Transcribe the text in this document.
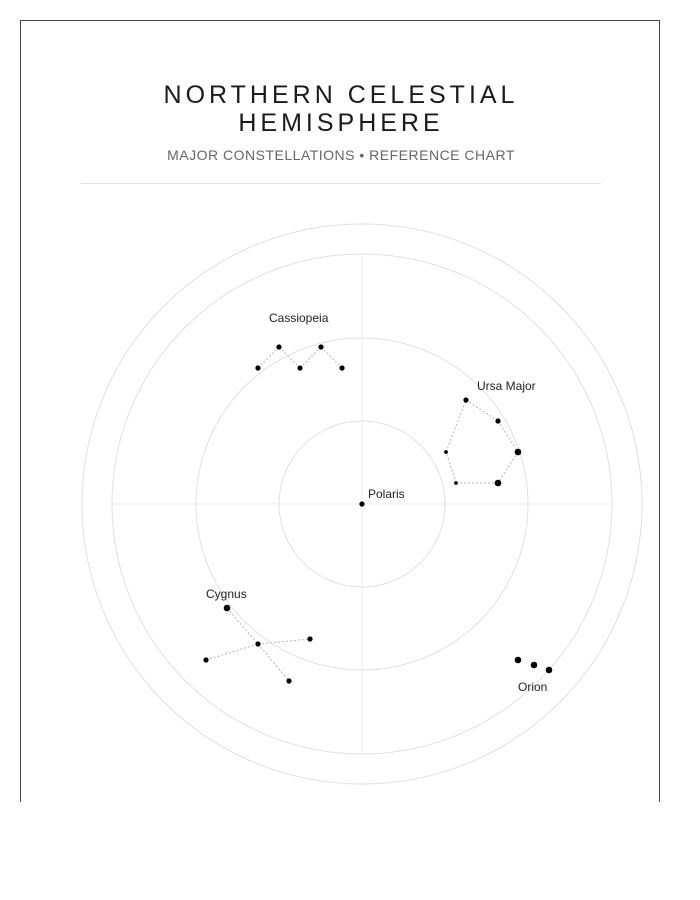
NORTHERN CELESTIAL
HEMISPHERE

MAJOR CONSTELLATIONS • REFERENCE CHART

Polaris
Cassiopeia
Ursa Major
Cygnus
Orion
